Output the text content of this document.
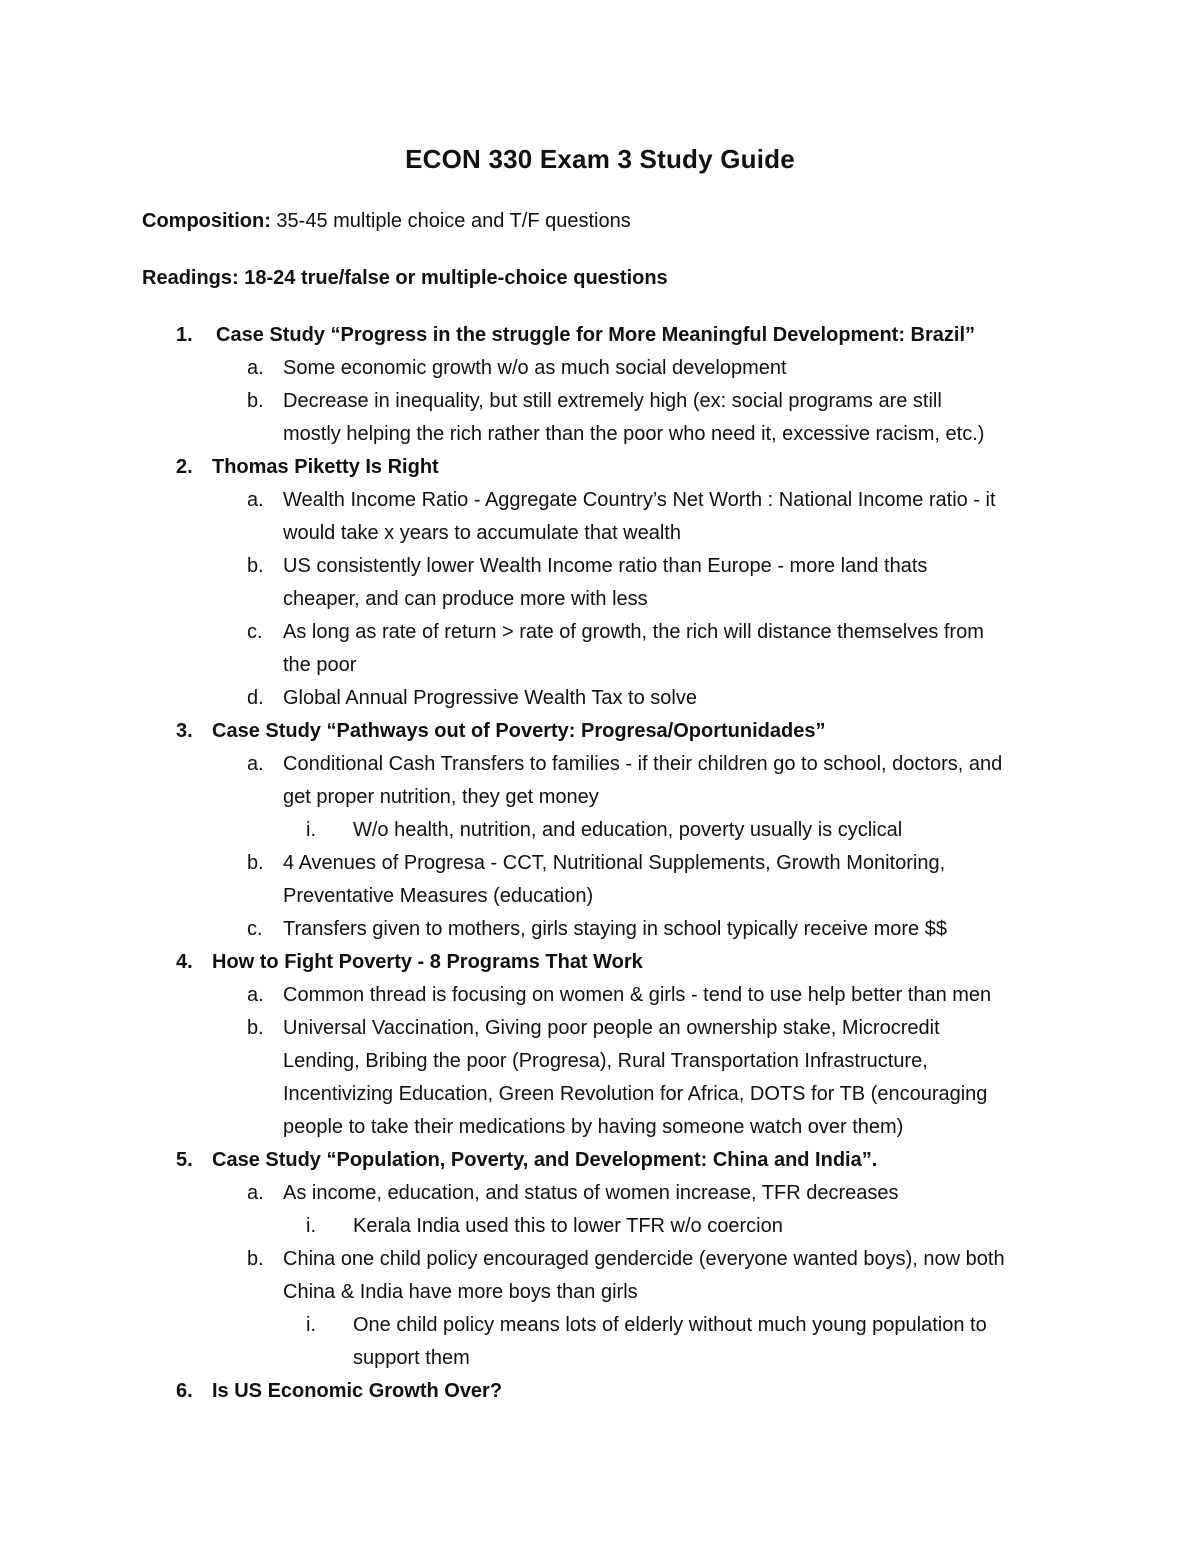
ECON 330 Exam 3 Study Guide
Composition: 35-45 multiple choice and T/F questions
Readings: 18-24 true/false or multiple-choice questions
1. Case Study “Progress in the struggle for More Meaningful Development: Brazil”
a. Some economic growth w/o as much social development
b. Decrease in inequality, but still extremely high (ex: social programs are still
mostly helping the rich rather than the poor who need it, excessive racism, etc.)
2. Thomas Piketty Is Right
a. Wealth Income Ratio - Aggregate Country’s Net Worth : National Income ratio - it
would take x years to accumulate that wealth
b. US consistently lower Wealth Income ratio than Europe - more land thats
cheaper, and can produce more with less
c. As long as rate of return > rate of growth, the rich will distance themselves from
the poor
d. Global Annual Progressive Wealth Tax to solve
3. Case Study “Pathways out of Poverty: Progresa/Oportunidades”
a. Conditional Cash Transfers to families - if their children go to school, doctors, and
get proper nutrition, they get money
i. W/o health, nutrition, and education, poverty usually is cyclical
b. 4 Avenues of Progresa - CCT, Nutritional Supplements, Growth Monitoring,
Preventative Measures (education)
c. Transfers given to mothers, girls staying in school typically receive more $$
4. How to Fight Poverty - 8 Programs That Work
a. Common thread is focusing on women & girls - tend to use help better than men
b. Universal Vaccination, Giving poor people an ownership stake, Microcredit
Lending, Bribing the poor (Progresa), Rural Transportation Infrastructure,
Incentivizing Education, Green Revolution for Africa, DOTS for TB (encouraging
people to take their medications by having someone watch over them)
5. Case Study “Population, Poverty, and Development: China and India”.
a. As income, education, and status of women increase, TFR decreases
i. Kerala India used this to lower TFR w/o coercion
b. China one child policy encouraged gendercide (everyone wanted boys), now both
China & India have more boys than girls
i. One child policy means lots of elderly without much young population to
support them
6. Is US Economic Growth Over?
